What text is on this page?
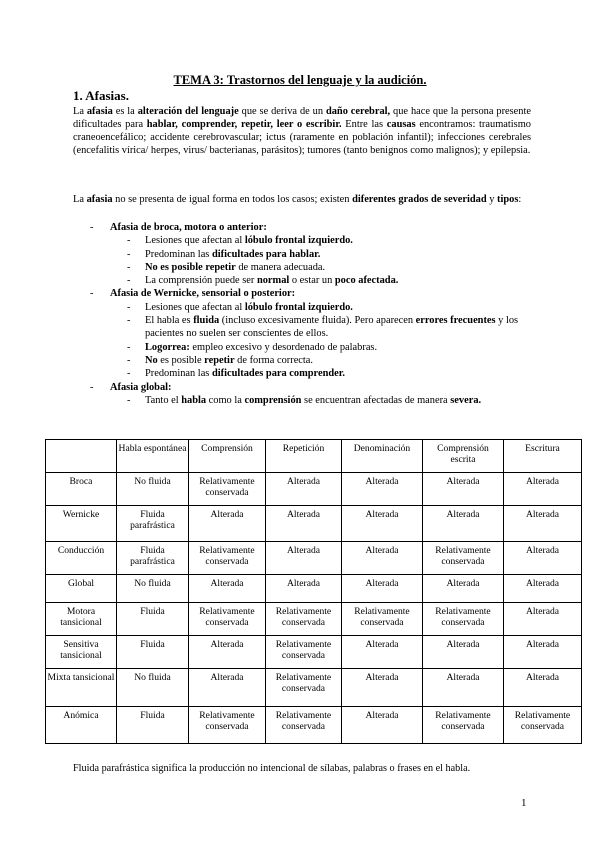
TEMA 3: Trastornos del lenguaje y la audición.
1. Afasias.
La afasia es la alteración del lenguaje que se deriva de un daño cerebral, que hace que la persona presente dificultades para hablar, comprender, repetir, leer o escribir. Entre las causas encontramos: traumatismo craneoencefálico; accidente cerebrovascular; ictus (raramente en población infantil); infecciones cerebrales (encefalitis vírica/ herpes, virus/ bacterianas, parásitos); tumores (tanto benignos como malignos); y epilepsia.
La afasia no se presenta de igual forma en todos los casos; existen diferentes grados de severidad y tipos:
- Afasia de broca, motora o anterior:
- Lesiones que afectan al lóbulo frontal izquierdo.
- Predominan las dificultades para hablar.
- No es posible repetir de manera adecuada.
- La comprensión puede ser normal o estar un poco afectada.
- Afasia de Wernicke, sensorial o posterior:
- Lesiones que afectan al lóbulo frontal izquierdo.
- El habla es fluida (incluso excesivamente fluida). Pero aparecen errores frecuentes y los pacientes no suelen ser conscientes de ellos.
- Logorrea: empleo excesivo y desordenado de palabras.
- No es posible repetir de forma correcta.
- Predominan las dificultades para comprender.
- Afasia global:
- Tanto el habla como la comprensión se encuentran afectadas de manera severa.
	Habla espontánea	Comprensión	Repetición	Denominación	Comprensión escrita	Escritura
Broca	No fluida	Relativamente conservada	Alterada	Alterada	Alterada	Alterada
Wernicke	Fluida parafrástica	Alterada	Alterada	Alterada	Alterada	Alterada
Conducción	Fluida parafrástica	Relativamente conservada	Alterada	Alterada	Relativamente conservada	Alterada
Global	No fluida	Alterada	Alterada	Alterada	Alterada	Alterada
Motora tansicional	Fluida	Relativamente conservada	Relativamente conservada	Relativamente conservada	Relativamente conservada	Alterada
Sensitiva tansicional	Fluida	Alterada	Relativamente conservada	Alterada	Alterada	Alterada
Mixta tansicional	No fluida	Alterada	Relativamente conservada	Alterada	Alterada	Alterada
Anómica	Fluida	Relativamente conservada	Relativamente conservada	Alterada	Relativamente conservada	Relativamente conservada
Fluida parafrástica significa la producción no intencional de sílabas, palabras o frases en el habla.
1
